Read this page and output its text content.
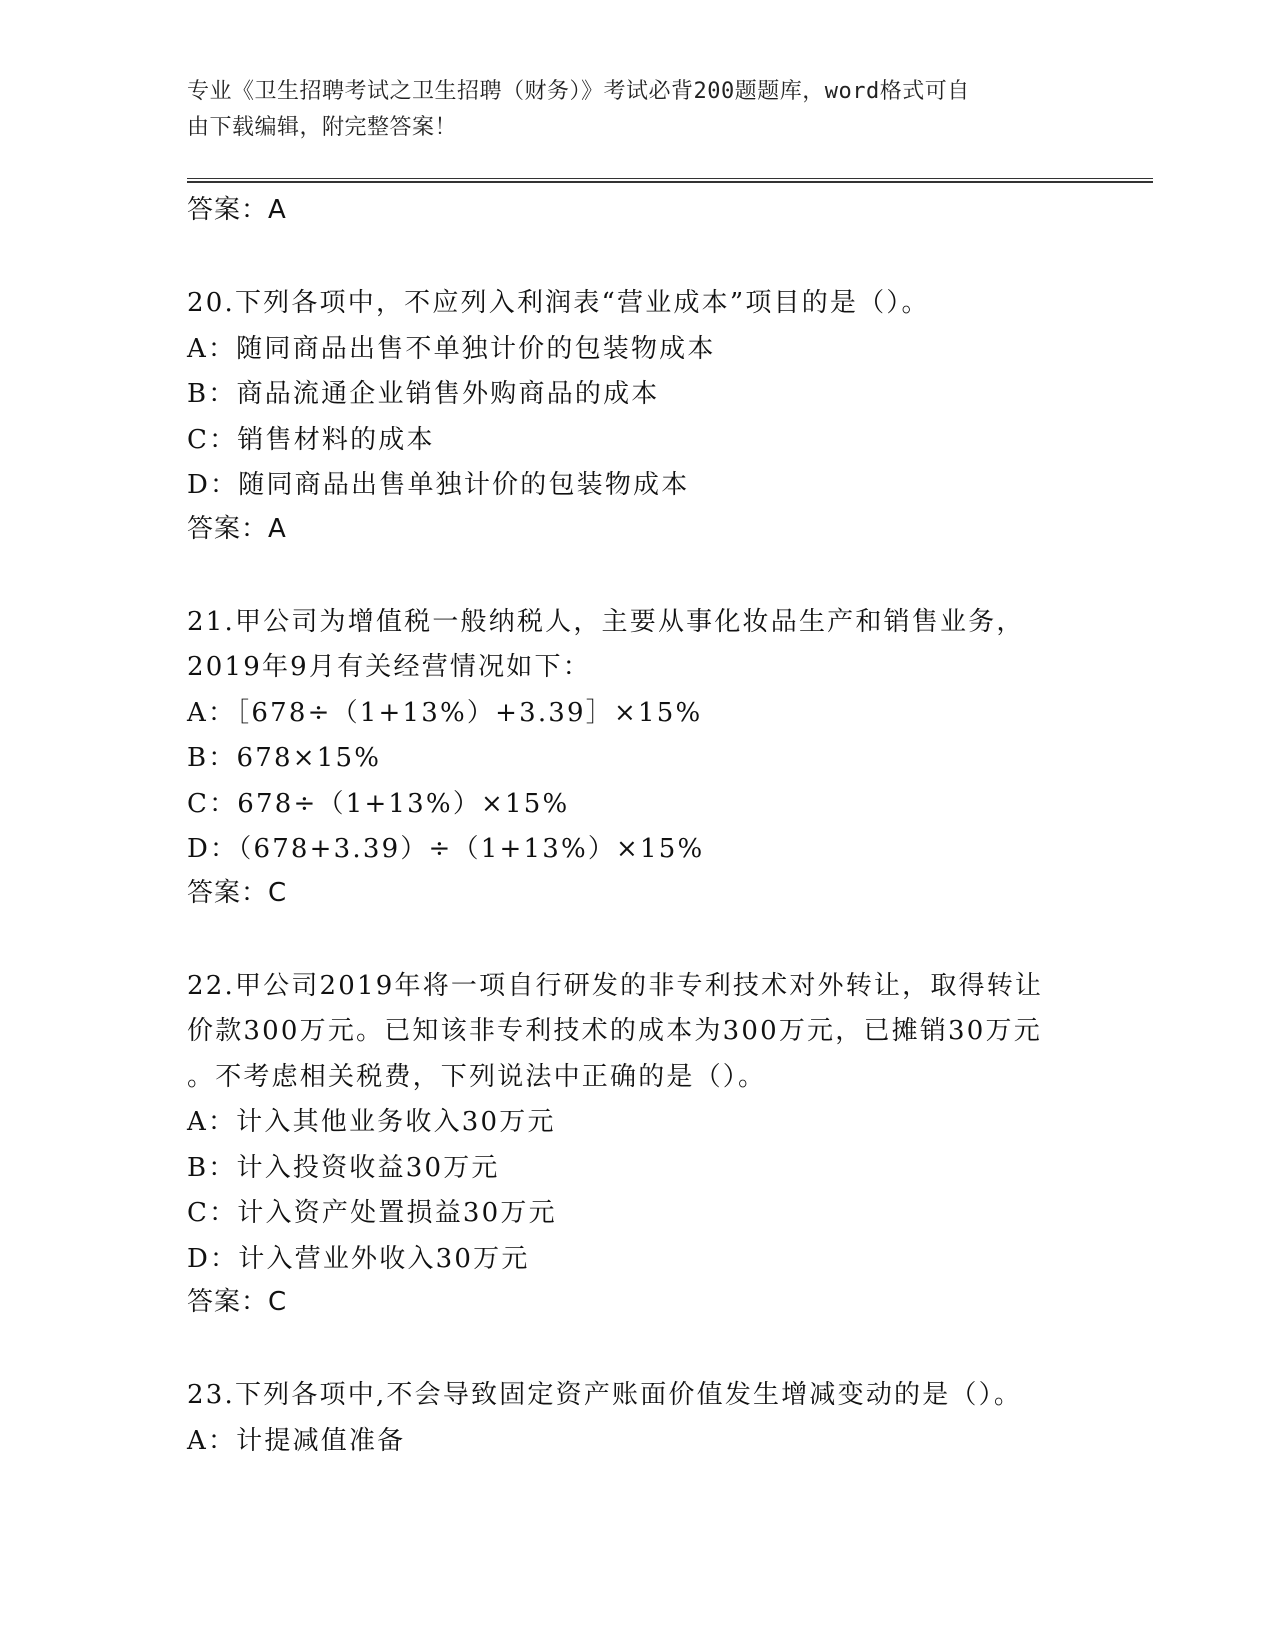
专业《卫生招聘考试之卫生招聘（财务）》考试必背200题题库，word格式可自
由下载编辑，附完整答案！

答案：A

20.下列各项中，不应列入利润表“营业成本”项目的是（）。

A：随同商品出售不单独计价的包装物成本

B：商品流通企业销售外购商品的成本

C：销售材料的成本

D：随同商品出售单独计价的包装物成本

答案：A

21.甲公司为增值税一般纳税人，主要从事化妆品生产和销售业务，

2019年9月有关经营情况如下：

A：［678÷（1+13%）+3.39］×15%

B：678×15%

C：678÷（1+13%）×15%

D：（678+3.39）÷（1+13%）×15%

答案：C

22.甲公司2019年将一项自行研发的非专利技术对外转让，取得转让

价款300万元。已知该非专利技术的成本为300万元，已摊销30万元

。不考虑相关税费，下列说法中正确的是（）。

A：计入其他业务收入30万元

B：计入投资收益30万元

C：计入资产处置损益30万元

D：计入营业外收入30万元

答案：C

23.下列各项中,不会导致固定资产账面价值发生增减变动的是（）。

A：计提减值准备
